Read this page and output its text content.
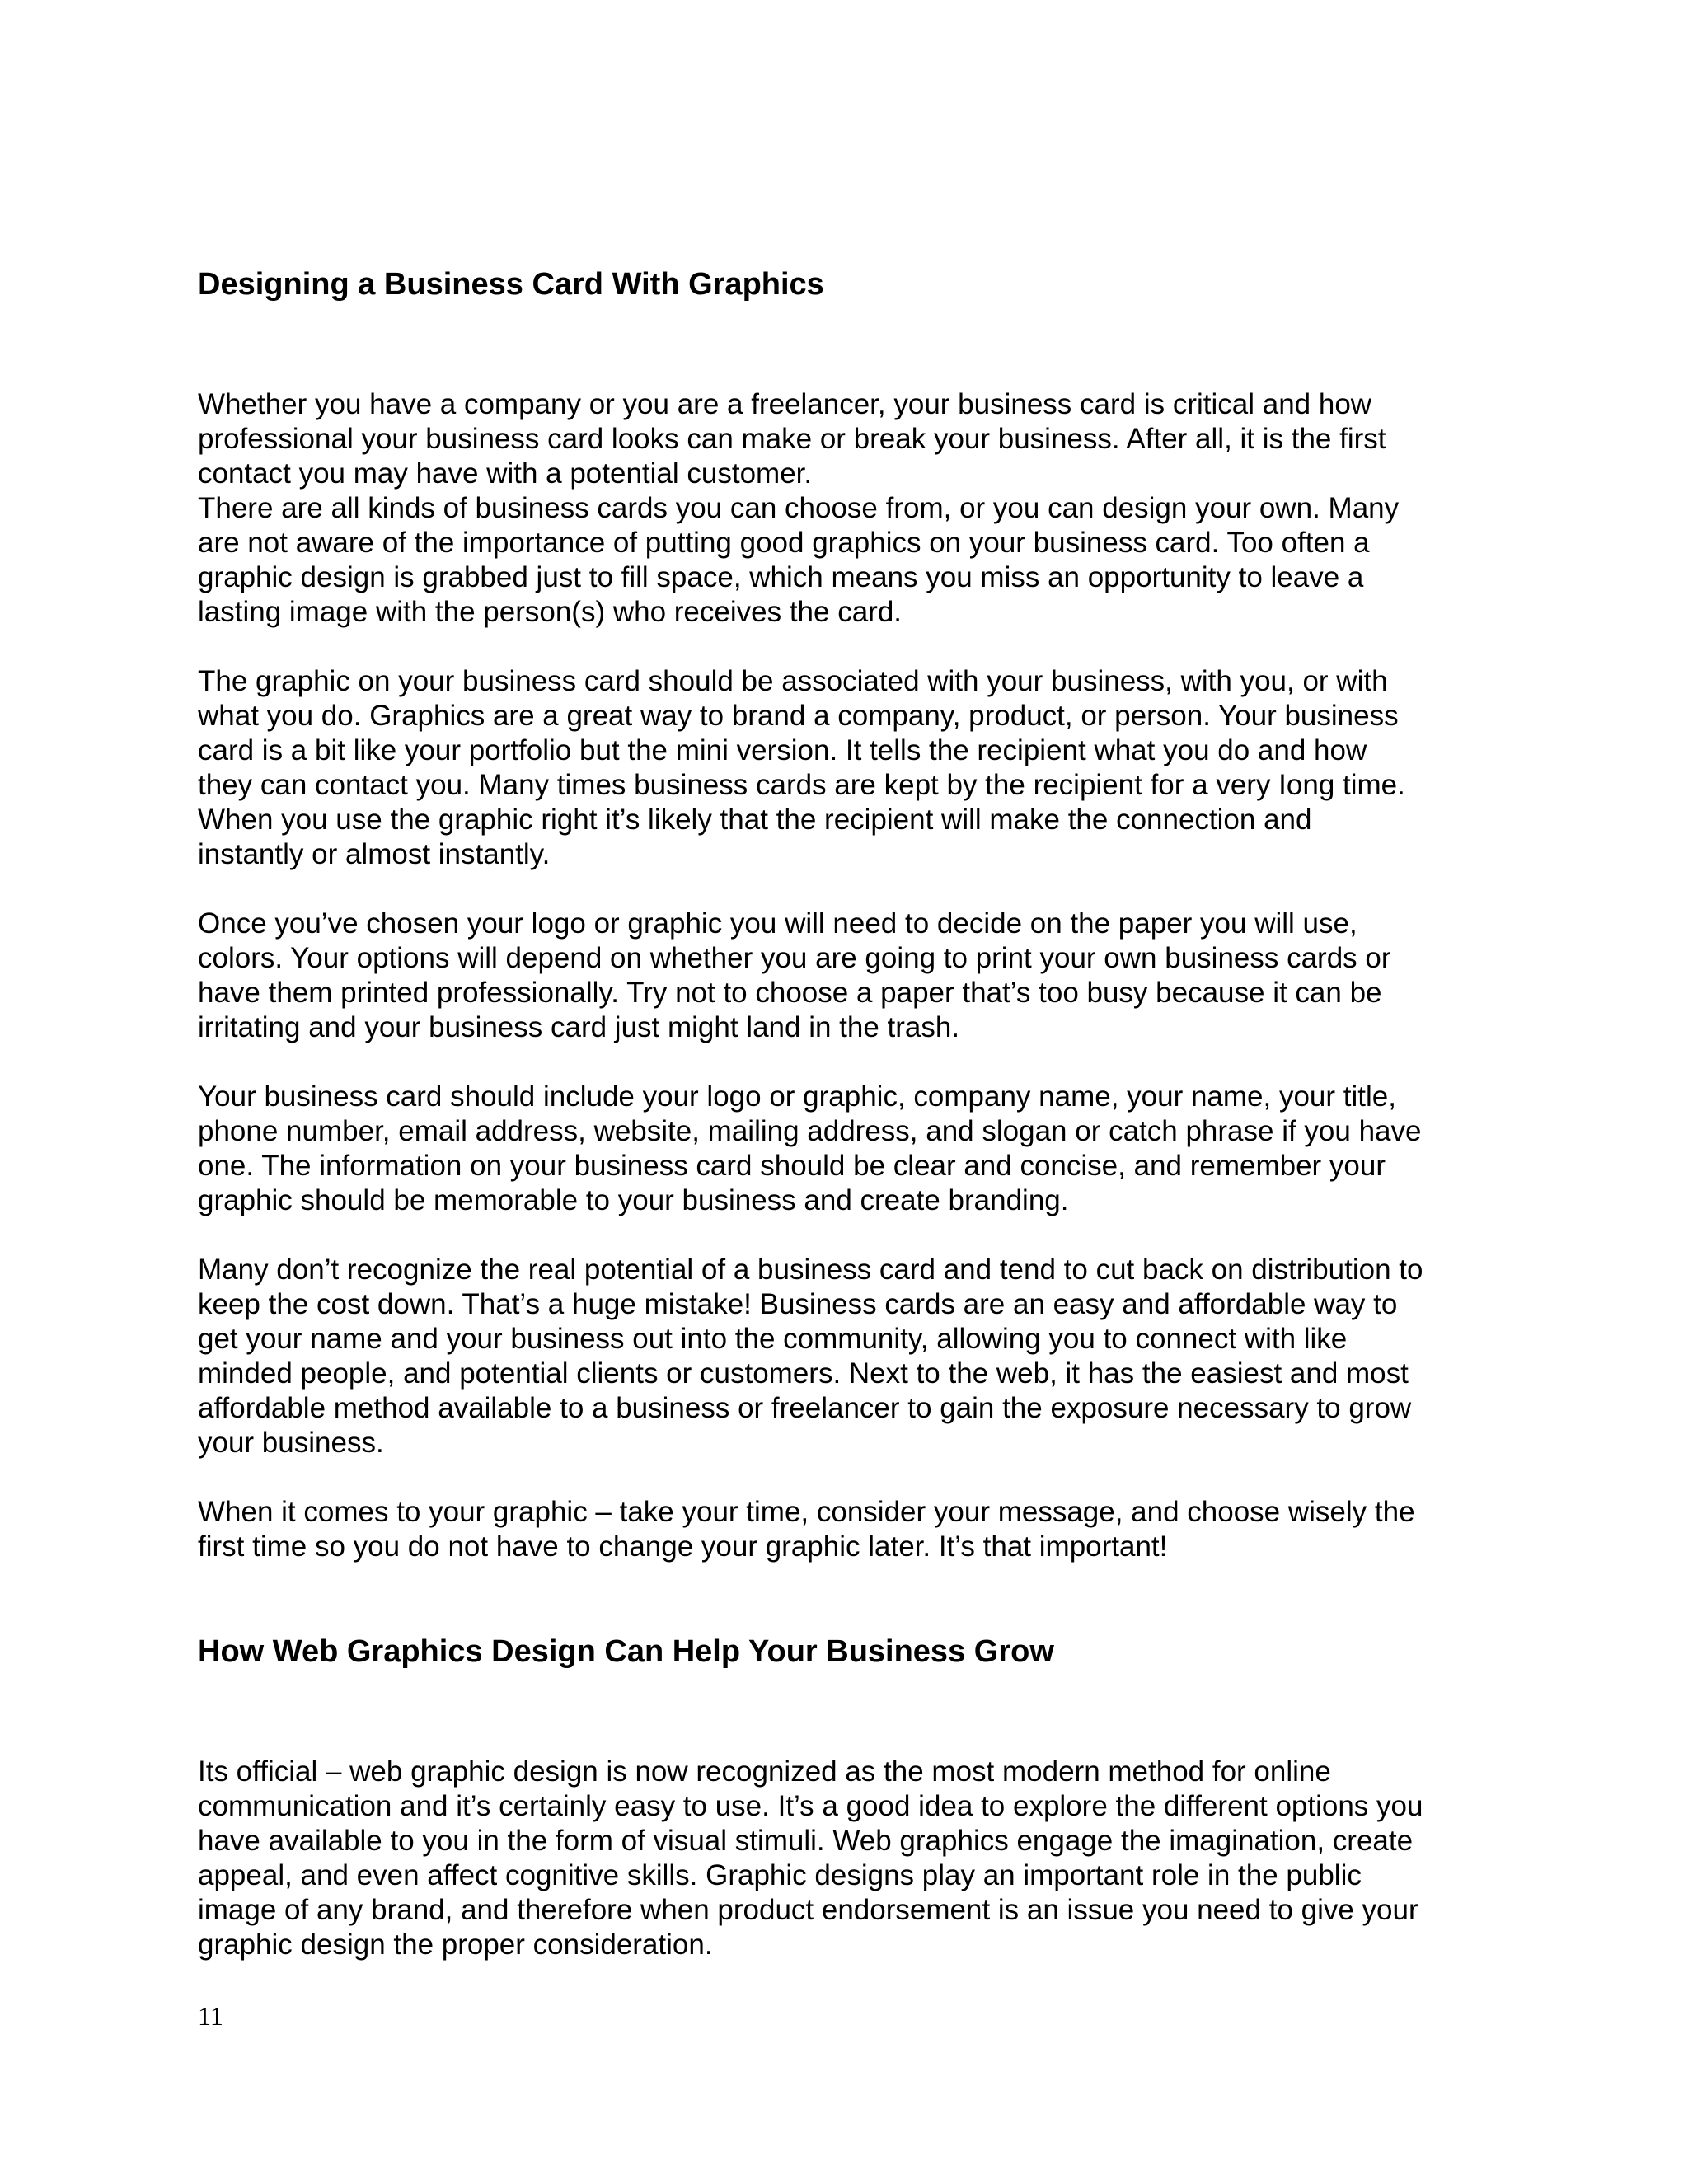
Designing a Business Card With Graphics
Whether you have a company or you are a freelancer, your business card is critical and how
professional your business card looks can make or break your business. After all, it is the first
contact you may have with a potential customer.
There are all kinds of business cards you can choose from, or you can design your own. Many
are not aware of the importance of putting good graphics on your business card. Too often a
graphic design is grabbed just to fill space, which means you miss an opportunity to leave a
lasting image with the person(s) who receives the card.
The graphic on your business card should be associated with your business, with you, or with
what you do. Graphics are a great way to brand a company, product, or person. Your business
card is a bit like your portfolio but the mini version. It tells the recipient what you do and how
they can contact you. Many times business cards are kept by the recipient for a very Iong time.
When you use the graphic right it’s likely that the recipient will make the connection and
instantly or almost instantly.
Once you’ve chosen your logo or graphic you will need to decide on the paper you will use,
colors. Your options will depend on whether you are going to print your own business cards or
have them printed professionally. Try not to choose a paper that’s too busy because it can be
irritating and your business card just might land in the trash.
Your business card should include your logo or graphic, company name, your name, your title,
phone number, email address, website, mailing address, and slogan or catch phrase if you have
one. The information on your business card should be clear and concise, and remember your
graphic should be memorable to your business and create branding.
Many don’t recognize the real potential of a business card and tend to cut back on distribution to
keep the cost down. That’s a huge mistake! Business cards are an easy and affordable way to
get your name and your business out into the community, allowing you to connect with like
minded people, and potential clients or customers. Next to the web, it has the easiest and most
affordable method available to a business or freelancer to gain the exposure necessary to grow
your business.
When it comes to your graphic – take your time, consider your message, and choose wisely the
first time so you do not have to change your graphic later. It’s that important!
How Web Graphics Design Can Help Your Business Grow
Its official – web graphic design is now recognized as the most modern method for online
communication and it’s certainly easy to use. It’s a good idea to explore the different options you
have available to you in the form of visual stimuli. Web graphics engage the imagination, create
appeal, and even affect cognitive skills. Graphic designs play an important role in the public
image of any brand, and therefore when product endorsement is an issue you need to give your
graphic design the proper consideration.
11
